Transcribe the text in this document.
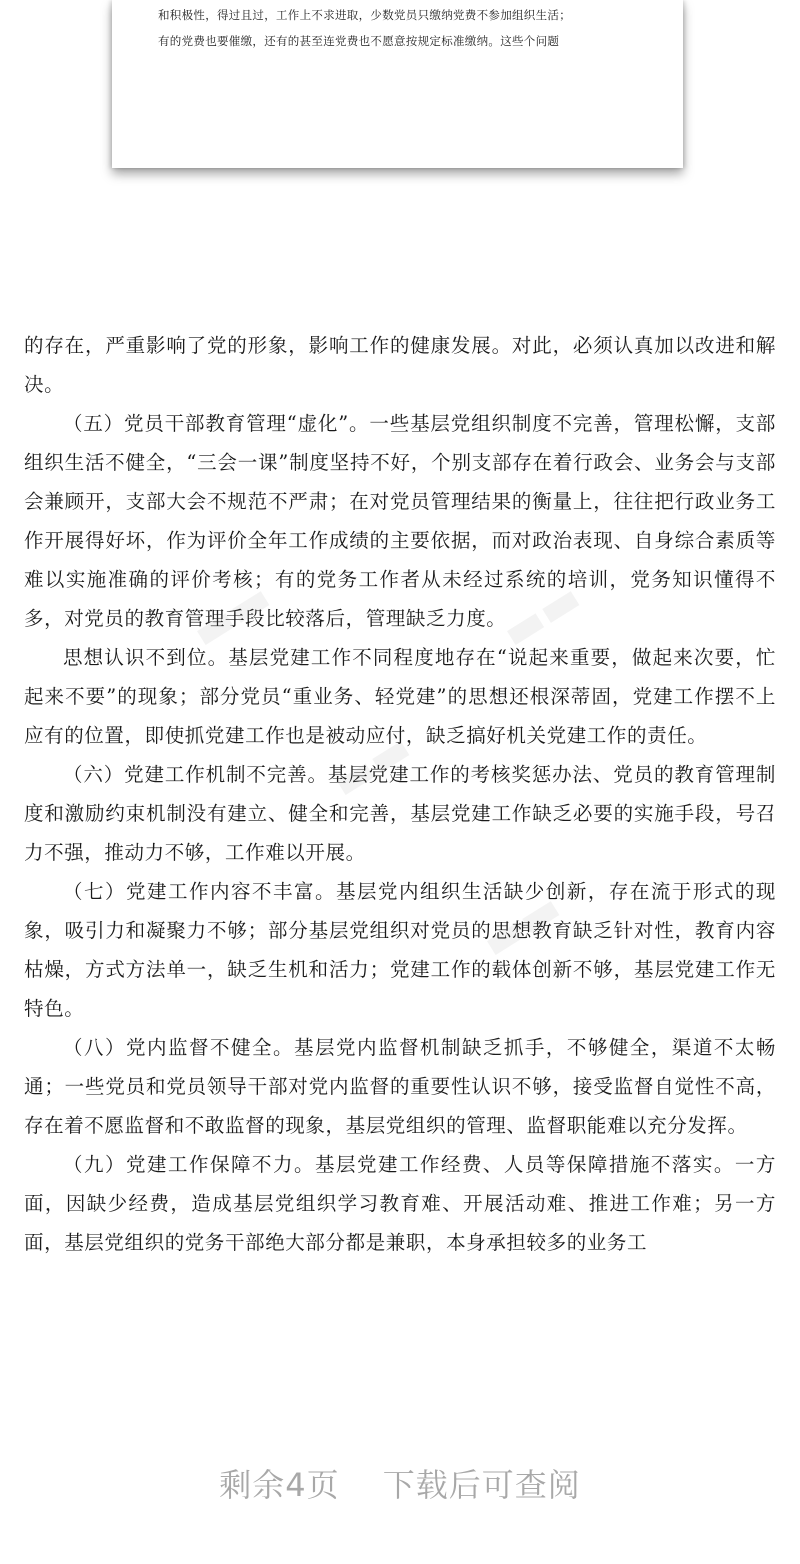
和积极性，得过且过，工作上不求进取，少数党员只缴纳党费不参加组织生活；
有的党费也要催缴，还有的甚至连党费也不愿意按规定标准缴纳。这些个问题

的存在，严重影响了党的形象，影响工作的健康发展。对此，必须认真加以改进和解决。

（五）党员干部教育管理“虚化”。一些基层党组织制度不完善，管理松懈，支部组织生活不健全，“三会一课”制度坚持不好，个别支部存在着行政会、业务会与支部会兼顾开，支部大会不规范不严肃；在对党员管理结果的衡量上，往往把行政业务工作开展得好坏，作为评价全年工作成绩的主要依据，而对政治表现、自身综合素质等难以实施准确的评价考核；有的党务工作者从未经过系统的培训，党务知识懂得不多，对党员的教育管理手段比较落后，管理缺乏力度。

思想认识不到位。基层党建工作不同程度地存在“说起来重要，做起来次要，忙起来不要”的现象；部分党员“重业务、轻党建”的思想还根深蒂固，党建工作摆不上应有的位置，即使抓党建工作也是被动应付，缺乏搞好机关党建工作的责任。

（六）党建工作机制不完善。基层党建工作的考核奖惩办法、党员的教育管理制度和激励约束机制没有建立、健全和完善，基层党建工作缺乏必要的实施手段，号召力不强，推动力不够，工作难以开展。

（七）党建工作内容不丰富。基层党内组织生活缺少创新，存在流于形式的现象，吸引力和凝聚力不够；部分基层党组织对党员的思想教育缺乏针对性，教育内容枯燥，方式方法单一，缺乏生机和活力；党建工作的载体创新不够，基层党建工作无特色。

（八）党内监督不健全。基层党内监督机制缺乏抓手，不够健全，渠道不太畅通；一些党员和党员领导干部对党内监督的重要性认识不够，接受监督自觉性不高，存在着不愿监督和不敢监督的现象，基层党组织的管理、监督职能难以充分发挥。

（九）党建工作保障不力。基层党建工作经费、人员等保障措施不落实。一方面，因缺少经费，造成基层党组织学习教育难、开展活动难、推进工作难；另一方面，基层党组织的党务干部绝大部分都是兼职，本身承担较多的业务工

▬▬	▬▬
▬▬
▬▬
剩余4页 下载后可查阅
